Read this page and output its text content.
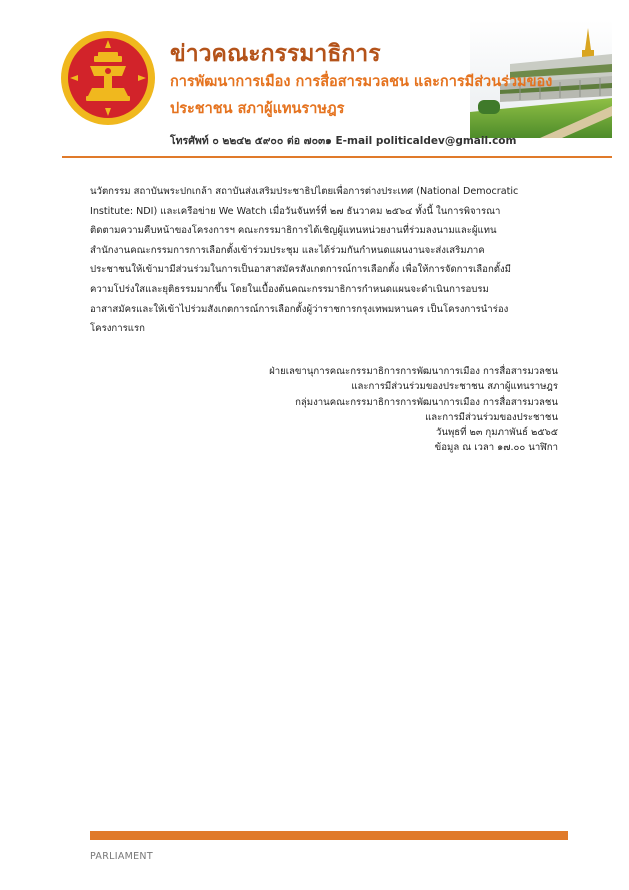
ข่าวคณะกรรมาธิการ

การพัฒนาการเมือง การสื่อสารมวลชน และการมีส่วนร่วมของ

ประชาชน สภาผู้แทนราษฎร

โทรศัพท์ ๐ ๒๒๔๒ ๕๙๐๐ ต่อ ๗๐๓๑ E-mail politicaldev@gmail.com

นวัตกรรม สถาบันพระปกเกล้า สถาบันส่งเสริมประชาธิปไตยเพื่อการต่างประเทศ (National Democratic
Institute: NDI) และเครือข่าย We Watch เมื่อวันจันทร์ที่ ๒๗ ธันวาคม ๒๕๖๔ ทั้งนี้ ในการพิจารณา
ติดตามความคืบหน้าของโครงการฯ คณะกรรมาธิการได้เชิญผู้แทนหน่วยงานที่ร่วมลงนามและผู้แทน
สำนักงานคณะกรรมการการเลือกตั้งเข้าร่วมประชุม และได้ร่วมกันกำหนดแผนงานจะส่งเสริมภาค
ประชาชนให้เข้ามามีส่วนร่วมในการเป็นอาสาสมัครสังเกตการณ์การเลือกตั้ง เพื่อให้การจัดการเลือกตั้งมี
ความโปร่งใสและยุติธรรมมากขึ้น โดยในเบื้องต้นคณะกรรมาธิการกำหนดแผนจะดำเนินการอบรม
อาสาสมัครและให้เข้าไปร่วมสังเกตการณ์การเลือกตั้งผู้ว่าราชการกรุงเทพมหานคร เป็นโครงการนำร่อง
โครงการแรก
ฝ่ายเลขานุการคณะกรรมาธิการการพัฒนาการเมือง การสื่อสารมวลชน
และการมีส่วนร่วมของประชาชน สภาผู้แทนราษฎร
กลุ่มงานคณะกรรมาธิการการพัฒนาการเมือง การสื่อสารมวลชน
และการมีส่วนร่วมของประชาชน
วันพุธที่ ๒๓ กุมภาพันธ์ ๒๕๖๕
ข้อมูล ณ เวลา ๑๗.๐๐ นาฬิกา

PARLIAMENT
